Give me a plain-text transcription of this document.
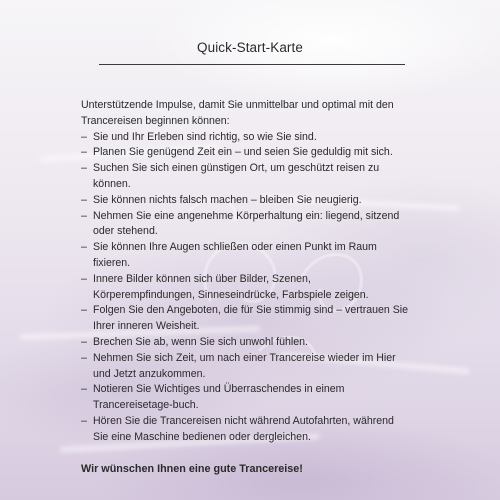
Quick-Start-Karte

Unterstützende Impulse, damit Sie unmittelbar und optimal mit den Trancereisen beginnen können:

– Sie und Ihr Erleben sind richtig, so wie Sie sind.
– Planen Sie genügend Zeit ein – und seien Sie geduldig mit sich.
– Suchen Sie sich einen günstigen Ort, um geschützt reisen zu können.
– Sie können nichts falsch machen – bleiben Sie neugierig.
– Nehmen Sie eine angenehme Körperhaltung ein: liegend, sitzend oder stehend.
– Sie können Ihre Augen schließen oder einen Punkt im Raum fixieren.
– Innere Bilder können sich über Bilder, Szenen, Körperempfindungen, Sinneseindrücke, Farbspiele zeigen.
– Folgen Sie den Angeboten, die für Sie stimmig sind – vertrauen Sie Ihrer inneren Weisheit.
– Brechen Sie ab, wenn Sie sich unwohl fühlen.
– Nehmen Sie sich Zeit, um nach einer Trancereise wieder im Hier und Jetzt anzukommen.
– Notieren Sie Wichtiges und Überraschendes in einem Trancereisetage-buch.
– Hören Sie die Trancereisen nicht während Autofahrten, während Sie eine Maschine bedienen oder dergleichen.
Wir wünschen Ihnen eine gute Trancereise!
